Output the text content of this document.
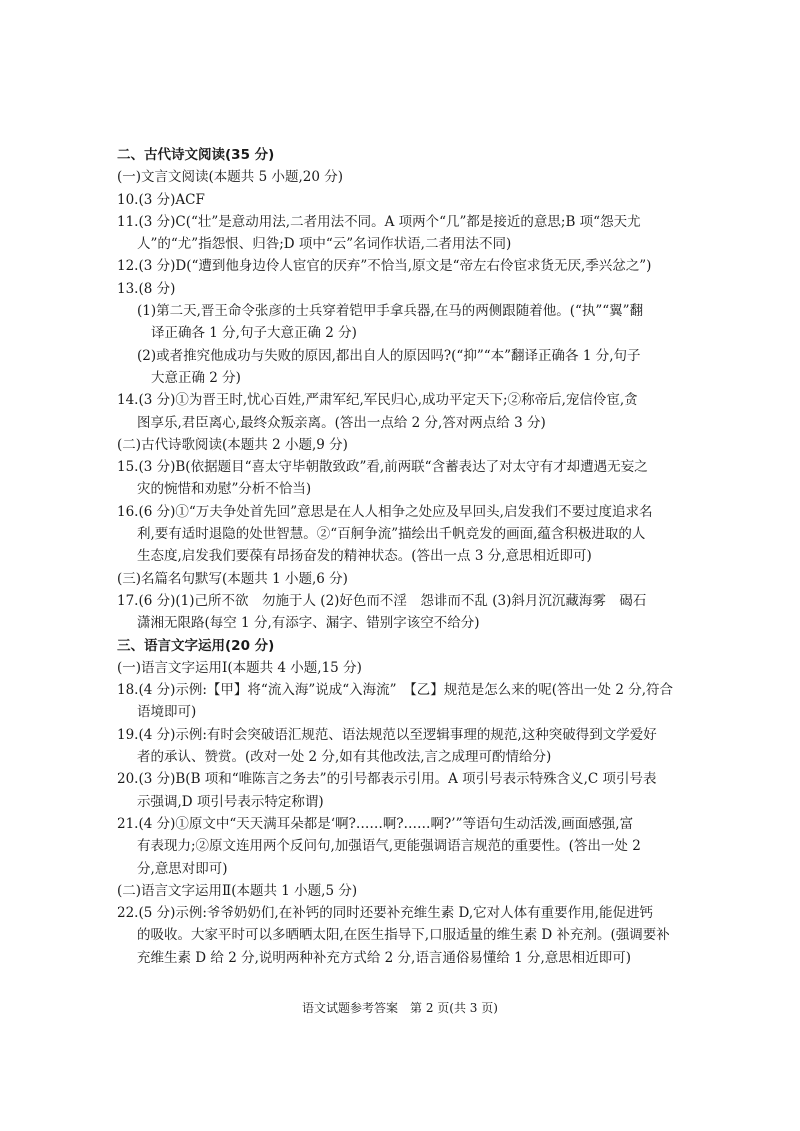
二、古代诗文阅读(35 分)
(一)文言文阅读(本题共 5 小题,20 分)
10.(3 分)ACF
11.(3 分)C(“壮”是意动用法,二者用法不同。A 项两个“几”都是接近的意思;B 项“怨天尤
人”的“尤”指怨恨、归咎;D 项中“云”名词作状语,二者用法不同)
12.(3 分)D(“遭到他身边伶人宦官的厌弃”不恰当,原文是“帝左右伶宦求货无厌,季兴忿之”)
13.(8 分)
(1)第二天,晋王命令张彦的士兵穿着铠甲手拿兵器,在马的两侧跟随着他。(“执”“翼”翻
译正确各 1 分,句子大意正确 2 分)
(2)或者推究他成功与失败的原因,都出自人的原因吗?(“抑”“本”翻译正确各 1 分,句子
大意正确 2 分)
14.(3 分)①为晋王时,忧心百姓,严肃军纪,军民归心,成功平定天下;②称帝后,宠信伶宦,贪
图享乐,君臣离心,最终众叛亲离。(答出一点给 2 分,答对两点给 3 分)
(二)古代诗歌阅读(本题共 2 小题,9 分)
15.(3 分)B(依据题目“喜太守毕朝散致政”看,前两联“含蓄表达了对太守有才却遭遇无妄之
灾的惋惜和劝慰”分析不恰当)
16.(6 分)①“万夫争处首先回”意思是在人人相争之处应及早回头,启发我们不要过度追求名
利,要有适时退隐的处世智慧。②“百舸争流”描绘出千帆竞发的画面,蕴含积极进取的人
生态度,启发我们要葆有昂扬奋发的精神状态。(答出一点 3 分,意思相近即可)
(三)名篇名句默写(本题共 1 小题,6 分)
17.(6 分)(1)己所不欲　勿施于人 (2)好色而不淫　怨诽而不乱 (3)斜月沉沉藏海雾　碣石
潇湘无限路(每空 1 分,有添字、漏字、错别字该空不给分)
三、语言文字运用(20 分)
(一)语言文字运用Ⅰ(本题共 4 小题,15 分)
18.(4 分)示例:【甲】将“流入海”说成“入海流”　【乙】规范是怎么来的呢(答出一处 2 分,符合
语境即可)
19.(4 分)示例:有时会突破语汇规范、语法规范以至逻辑事理的规范,这种突破得到文学爱好
者的承认、赞赏。(改对一处 2 分,如有其他改法,言之成理可酌情给分)
20.(3 分)B(B 项和“唯陈言之务去”的引号都表示引用。A 项引号表示特殊含义,C 项引号表
示强调,D 项引号表示特定称谓)
21.(4 分)①原文中“天天满耳朵都是‘啊?……啊?……啊?’”等语句生动活泼,画面感强,富
有表现力;②原文连用两个反问句,加强语气,更能强调语言规范的重要性。(答出一处 2
分,意思对即可)
(二)语言文字运用Ⅱ(本题共 1 小题,5 分)
22.(5 分)示例:爷爷奶奶们,在补钙的同时还要补充维生素 D,它对人体有重要作用,能促进钙
的吸收。大家平时可以多晒晒太阳,在医生指导下,口服适量的维生素 D 补充剂。(强调要补
充维生素 D 给 2 分,说明两种补充方式给 2 分,语言通俗易懂给 1 分,意思相近即可)
语文试题参考答案　第 2 页(共 3 页)
